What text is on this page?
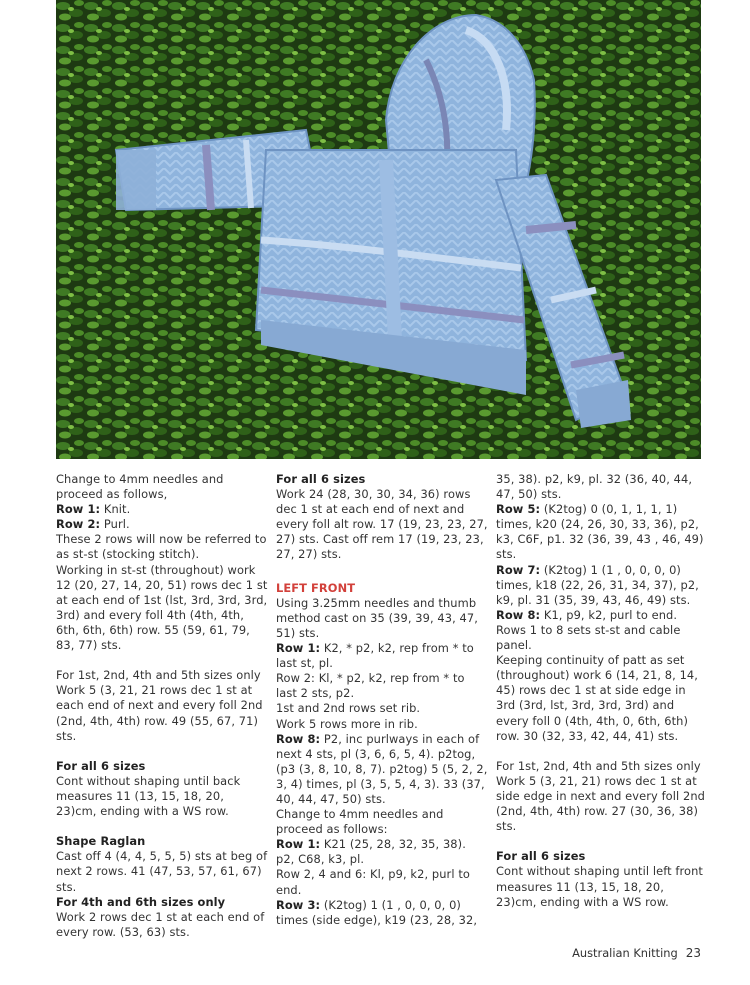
Change to 4mm needles and proceed as follows,

Row 1: Knit.

Row 2: Purl.

These 2 rows will now be referred to as st-st (stocking stitch).

Working in st-st (throughout) work 12 (20, 27, 14, 20, 51) rows dec 1 st at each end of 1st (lst, 3rd, 3rd, 3rd, 3rd) and every foll 4th (4th, 4th, 6th, 6th, 6th) row. 55 (59, 61, 79, 83, 77) sts.

For 1st, 2nd, 4th and 5th sizes only Work 5 (3, 21, 21 rows dec 1 st at each end of next and every foll 2nd (2nd, 4th, 4th) row. 49 (55, 67, 71) sts.

For all 6 sizes

Cont without shaping until back measures 11 (13, 15, 18, 20, 23)cm, ending with a WS row.

Shape Raglan

Cast off 4 (4, 4, 5, 5, 5) sts at beg of next 2 rows. 41 (47, 53, 57, 61, 67) sts.

For 4th and 6th sizes only

Work 2 rows dec 1 st at each end of every row. (53, 63) sts.

For all 6 sizes

Work 24 (28, 30, 30, 34, 36) rows dec 1 st at each end of next and every foll alt row. 17 (19, 23, 23, 27, 27) sts. Cast off rem 17 (19, 23, 23, 27, 27) sts.

LEFT FRONT

Using 3.25mm needles and thumb method cast on 35 (39, 39, 43, 47, 51) sts.

Row 1: K2, * p2, k2, rep from * to last st, pl.

Row 2: Kl, * p2, k2, rep from * to last 2 sts, p2.

1st and 2nd rows set rib.

Work 5 rows more in rib.

Row 8: P2, inc purlways in each of next 4 sts, pl (3, 6, 6, 5, 4). p2tog, (p3 (3, 8, 10, 8, 7). p2tog) 5 (5, 2, 2, 3, 4) times, pl (3, 5, 5, 4, 3). 33 (37, 40, 44, 47, 50) sts.

Change to 4mm needles and proceed as follows:

Row 1: K21 (25, 28, 32, 35, 38). p2, C68, k3, pl.

Row 2, 4 and 6: Kl, p9, k2, purl to end.

Row 3: (K2tog) 1 (1 , 0, 0, 0, 0) times (side edge), k19 (23, 28, 32,

35, 38). p2, k9, pl. 32 (36, 40, 44, 47, 50) sts.

Row 5: (K2tog) 0 (0, 1, 1, 1, 1) times, k20 (24, 26, 30, 33, 36), p2, k3, C6F, p1. 32 (36, 39, 43 , 46, 49) sts.

Row 7: (K2tog) 1 (1 , 0, 0, 0, 0) times, k18 (22, 26, 31, 34, 37), p2, k9, pl. 31 (35, 39, 43, 46, 49) sts.

Row 8: K1, p9, k2, purl to end.

Rows 1 to 8 sets st-st and cable panel.

Keeping continuity of patt as set (throughout) work 6 (14, 21, 8, 14, 45) rows dec 1 st at side edge in 3rd (3rd, lst, 3rd, 3rd, 3rd) and every foll 0 (4th, 4th, 0, 6th, 6th) row. 30 (32, 33, 42, 44, 41) sts.

For 1st, 2nd, 4th and 5th sizes only Work 5 (3, 21, 21) rows dec 1 st at side edge in next and every foll 2nd (2nd, 4th, 4th) row. 27 (30, 36, 38) sts.

For all 6 sizes

Cont without shaping until left front measures 11 (13, 15, 18, 20, 23)cm, ending with a WS row.

Australian Knitting 23
